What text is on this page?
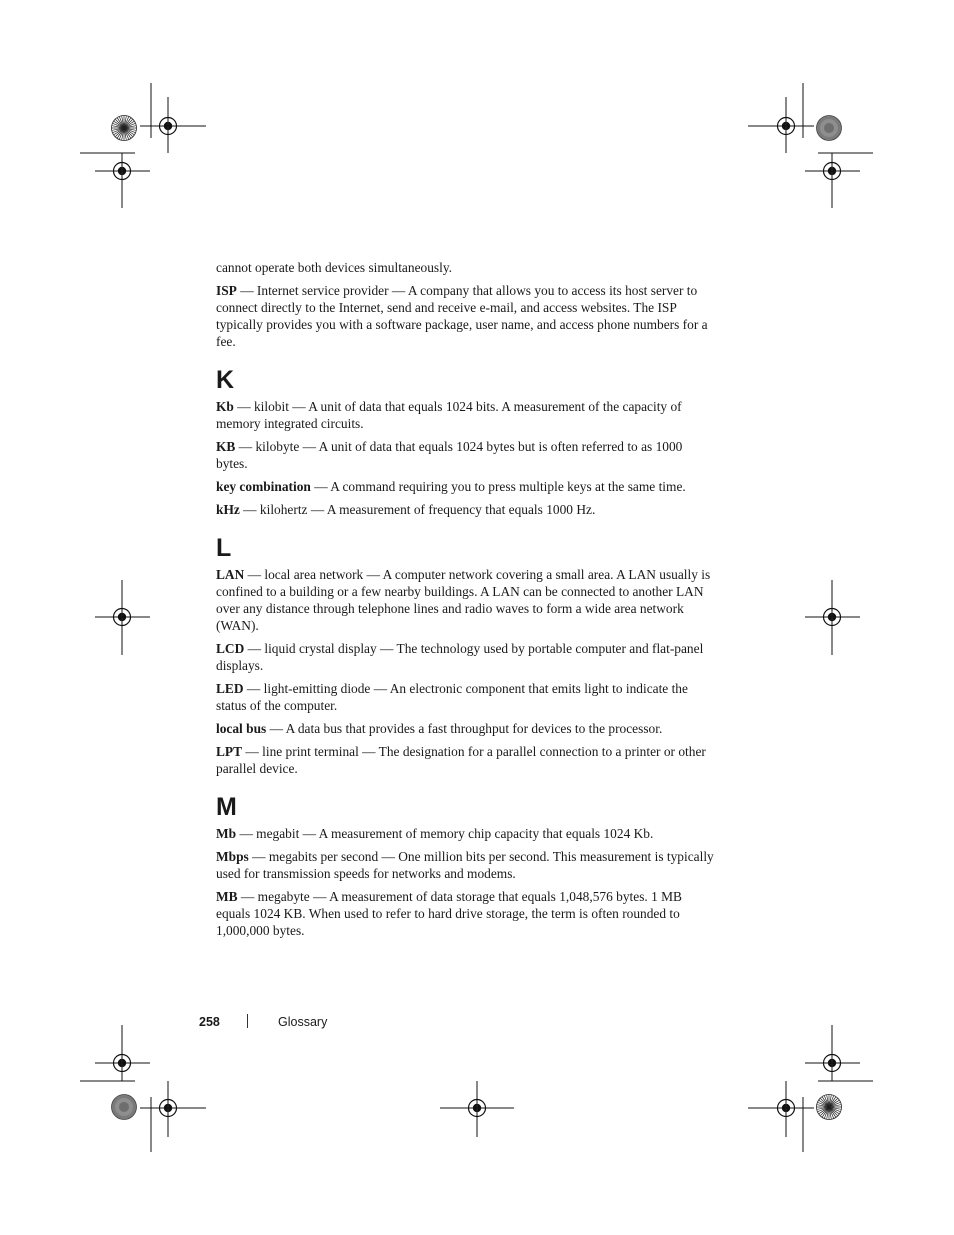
cannot operate both devices simultaneously.

ISP — Internet service provider — A company that allows you to access its host server to connect directly to the Internet, send and receive e-mail, and access websites. The ISP typically provides you with a software package, user name, and access phone numbers for a fee.

K

Kb — kilobit — A unit of data that equals 1024 bits. A measurement of the capacity of memory integrated circuits.

KB — kilobyte — A unit of data that equals 1024 bytes but is often referred to as 1000 bytes.

key combination — A command requiring you to press multiple keys at the same time.

kHz — kilohertz — A measurement of frequency that equals 1000 Hz.

L

LAN — local area network — A computer network covering a small area. A LAN usually is confined to a building or a few nearby buildings. A LAN can be connected to another LAN over any distance through telephone lines and radio waves to form a wide area network (WAN).

LCD — liquid crystal display — The technology used by portable computer and flat-panel displays.

LED — light-emitting diode — An electronic component that emits light to indicate the status of the computer.

local bus — A data bus that provides a fast throughput for devices to the processor.

LPT — line print terminal — The designation for a parallel connection to a printer or other parallel device.

M

Mb — megabit — A measurement of memory chip capacity that equals 1024 Kb.

Mbps — megabits per second — One million bits per second. This measurement is typically used for transmission speeds for networks and modems.

MB — megabyte — A measurement of data storage that equals 1,048,576 bytes. 1 MB equals 1024 KB. When used to refer to hard drive storage, the term is often rounded to 1,000,000 bytes.

258	Glossary
